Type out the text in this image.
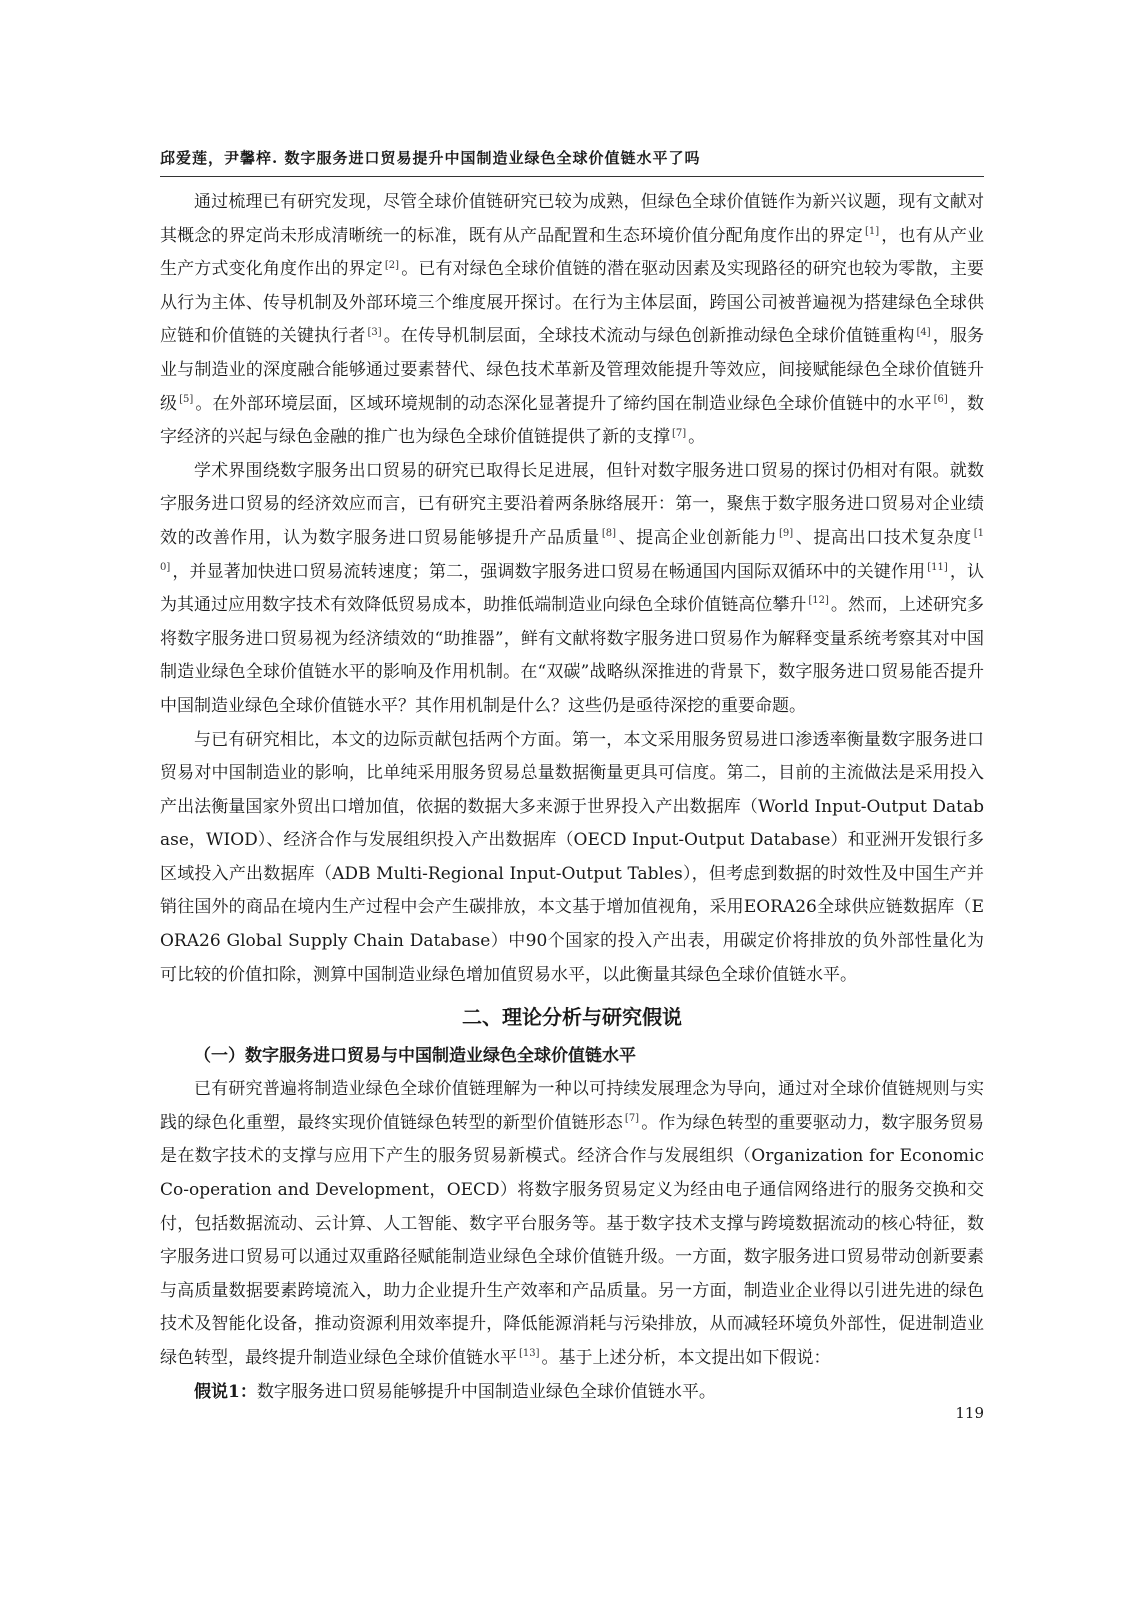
邱爱莲，尹馨梓. 数字服务进口贸易提升中国制造业绿色全球价值链水平了吗

通过梳理已有研究发现，尽管全球价值链研究已较为成熟，但绿色全球价值链作为新兴议题，现有文献对其概念的界定尚未形成清晰统一的标准，既有从产品配置和生态环境价值分配角度作出的界定 [1] ，也有从产业生产方式变化角度作出的界定 [2] 。已有对绿色全球价值链的潜在驱动因素及实现路径的研究也较为零散，主要从行为主体、传导机制及外部环境三个维度展开探讨。在行为主体层面，跨国公司被普遍视为搭建绿色全球供应链和价值链的关键执行者 [3] 。在传导机制层面，全球技术流动与绿色创新推动绿色全球价值链重构 [4] ，服务业与制造业的深度融合能够通过要素替代、绿色技术革新及管理效能提升等效应，间接赋能绿色全球价值链升级 [5] 。在外部环境层面，区域环境规制的动态深化显著提升了缔约国在制造业绿色全球价值链中的水平 [6] ，数字经济的兴起与绿色金融的推广也为绿色全球价值链提供了新的支撑 [7] 。

学术界围绕数字服务出口贸易的研究已取得长足进展，但针对数字服务进口贸易的探讨仍相对有限。就数字服务进口贸易的经济效应而言，已有研究主要沿着两条脉络展开：第一，聚焦于数字服务进口贸易对企业绩效的改善作用，认为数字服务进口贸易能够提升产品质量 [8] 、提高企业创新能力 [9] 、提高出口技术复杂度 [10] ，并显著加快进口贸易流转速度；第二，强调数字服务进口贸易在畅通国内国际双循环中的关键作用 [11] ，认为其通过应用数字技术有效降低贸易成本，助推低端制造业向绿色全球价值链高位攀升 [12] 。然而，上述研究多将数字服务进口贸易视为经济绩效的“助推器”，鲜有文献将数字服务进口贸易作为解释变量系统考察其对中国制造业绿色全球价值链水平的影响及作用机制。在“双碳”战略纵深推进的背景下，数字服务进口贸易能否提升中国制造业绿色全球价值链水平？其作用机制是什么？这些仍是亟待深挖的重要命题。

与已有研究相比，本文的边际贡献包括两个方面。第一，本文采用服务贸易进口渗透率衡量数字服务进口贸易对中国制造业的影响，比单纯采用服务贸易总量数据衡量更具可信度。第二，目前的主流做法是采用投入产出法衡量国家外贸出口增加值，依据的数据大多来源于世界投入产出数据库（World Input-Output Database，WIOD）、经济合作与发展组织投入产出数据库（OECD Input-Output Database）和亚洲开发银行多区域投入产出数据库（ADB Multi-Regional Input-Output Tables），但考虑到数据的时效性及中国生产并销往国外的商品在境内生产过程中会产生碳排放，本文基于增加值视角，采用EORA26全球供应链数据库（EORA26 Global Supply Chain Database）中90个国家的投入产出表，用碳定价将排放的负外部性量化为可比较的价值扣除，测算中国制造业绿色增加值贸易水平，以此衡量其绿色全球价值链水平。

二、理论分析与研究假说
（一）数字服务进口贸易与中国制造业绿色全球价值链水平

已有研究普遍将制造业绿色全球价值链理解为一种以可持续发展理念为导向，通过对全球价值链规则与实践的绿色化重塑，最终实现价值链绿色转型的新型价值链形态 [7] 。作为绿色转型的重要驱动力，数字服务贸易是在数字技术的支撑与应用下产生的服务贸易新模式。经济合作与发展组织（Organization for Economic Co-operation and Development，OECD）将数字服务贸易定义为经由电子通信网络进行的服务交换和交付，包括数据流动、云计算、人工智能、数字平台服务等。基于数字技术支撑与跨境数据流动的核心特征，数字服务进口贸易可以通过双重路径赋能制造业绿色全球价值链升级。一方面，数字服务进口贸易带动创新要素与高质量数据要素跨境流入，助力企业提升生产效率和产品质量。另一方面，制造业企业得以引进先进的绿色技术及智能化设备，推动资源利用效率提升，降低能源消耗与污染排放，从而减轻环境负外部性，促进制造业绿色转型，最终提升制造业绿色全球价值链水平 [13] 。基于上述分析，本文提出如下假说：

假说1：数字服务进口贸易能够提升中国制造业绿色全球价值链水平。

119
